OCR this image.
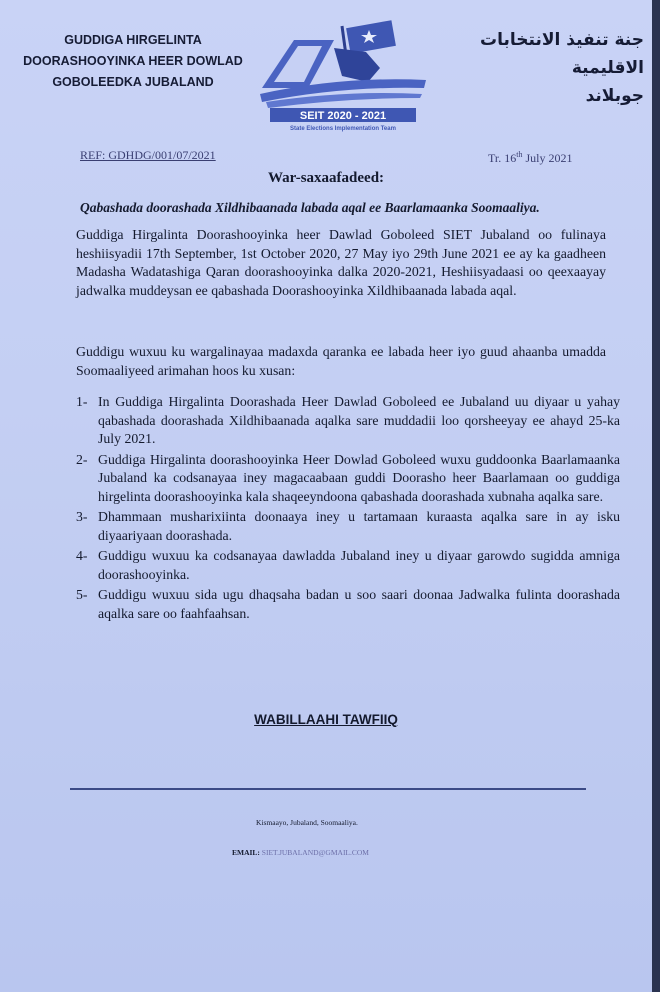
GUDDIGA HIRGELINTA
DOORASHOOYINKA HEER DOWLAD
GOBOLEEDKA JUBALAND
SEIT 2020 - 2021
State Elections Implementation Team
جنة تنفيذ الانتخابات الاقليمية
جوبلاند
REF: GDHDG/001/07/2021	Tr. 16th July 2021
War-saxaafadeed:
Qabashada doorashada Xildhibaanada labada aqal ee Baarlamaanka Soomaaliya.
Guddiga Hirgalinta Doorashooyinka heer Dawlad Goboleed SIET Jubaland oo fulinaya heshiisyadii 17th September, 1st October 2020, 27 May iyo 29th June 2021 ee ay ka gaadheen Madasha Wadatashiga Qaran doorashooyinka dalka 2020-2021, Heshiisyadaasi oo qeexaayay jadwalka muddeysan ee qabashada Doorashooyinka Xildhibaanada labada aqal.
Guddigu wuxuu ku wargalinayaa madaxda qaranka ee labada heer iyo guud ahaanba umadda Soomaaliyeed arimahan hoos ku xusan:
1- In Guddiga Hirgalinta Doorashada Heer Dawlad Goboleed ee Jubaland uu diyaar u yahay qabashada doorashada Xildhibaanada aqalka sare muddadii loo qorsheeyay ee ahayd 25-ka July 2021.
2- Guddiga Hirgalinta doorashooyinka Heer Dowlad Goboleed wuxu guddoonka Baarlamaanka Jubaland ka codsanayaa iney magacaabaan guddi Doorasho heer Baarlamaan oo guddiga hirgelinta doorashooyinka kala shaqeeyndoona qabashada doorashada xubnaha aqalka sare.
3- Dhammaan musharixiinta doonaaya iney u tartamaan kuraasta aqalka sare in ay isku diyaariyaan doorashada.
4- Guddigu wuxuu ka codsanayaa dawladda Jubaland iney u diyaar garowdo sugidda amniga doorashooyinka.
5- Guddigu wuxuu sida ugu dhaqsaha badan u soo saari doonaa Jadwalka fulinta doorashada aqalka sare oo faahfaahsan.
WABILLAAHI TAWFIIQ
Kismaayo, Jubaland, Soomaaliya.
EMAIL: SIET.JUBALAND@GMAIL.COM
